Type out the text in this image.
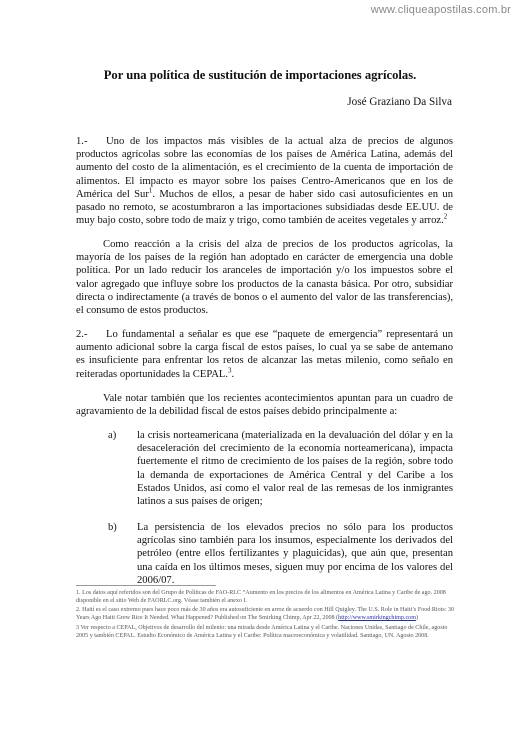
www.cliqueapostilas.com.br
Por una política de sustitución de importaciones agrícolas.
José Graziano Da Silva
1.- Uno de los impactos más visibles de la actual alza de precios de algunos productos agrícolas sobre las economías de los países de América Latina, además del aumento del costo de la alimentación, es el crecimiento de la cuenta de importación de alimentos. El impacto es mayor sobre los países Centro-Americanos que en los de América del Sur$^1$. Muchos de ellos, a pesar de haber sido casi autosuficientes en un pasado no remoto, se acostumbraron a las importaciones subsidiadas desde EE.UU. de muy bajo costo, sobre todo de maíz y trigo, como también de aceites vegetales y arroz.$^2$
Como reacción a la crisis del alza de precios de los productos agrícolas, la mayoría de los países de la región han adoptado en carácter de emergencia una doble política. Por un lado reducir los aranceles de importación y/o los impuestos sobre el valor agregado que influye sobre los productos de la canasta básica. Por otro, subsidiar directa o indirectamente (a través de bonos o el aumento del valor de las transferencias), el consumo de estos productos.
2.- Lo fundamental a señalar es que ese “paquete de emergencia” representará un aumento adicional sobre la carga fiscal de estos países, lo cual ya se sabe de antemano es insuficiente para enfrentar los retos de alcanzar las metas milenio, como señalo en reiteradas oportunidades la CEPAL.$^3$.
Vale notar también que los recientes acontecimientos apuntan para un cuadro de agravamiento de la debilidad fiscal de estos países debido principalmente a:
a) la crisis norteamericana (materializada en la devaluación del dólar y en la desaceleración del crecimiento de la economía norteamericana), impacta fuertemente el ritmo de crecimiento de los países de la región, sobre todo la demanda de exportaciones de América Central y del Caribe a los Estados Unidos, así como el valor real de las remesas de los inmigrantes latinos a sus países de origen;
b) La persistencia de los elevados precios no sólo para los productos agrícolas sino también para los insumos, especialmente los derivados del petróleo (entre ellos fertilizantes y plaguicidas), que aún que, presentan una caída en los últimos meses, siguen muy por encima de los valores del 2006/07.
1. Los datos aquí referidos son del Grupo de Políticas de FAO-RLC “Aumento en los precios de los alimentos en América Latina y Caribe de ago. 2008 disponible en el sitio Web de FAORLC.org. Véase también el anexo I.
2. Haití es el caso extremo pues hace poco más de 30 años era autosuficiente en arroz de acuerdo con Hill Quigley. The U.S. Role in Haiti’s Food Riots: 30 Years Ago Haiti Grew Rice It Needed. What Happened? Published on The Smirking Chimp, Apr 22, 2008 (http://www.smirkingchimp.com)
3 Ver respecto a CEPAL, Objetivos de desarrollo del milenio: una mirada desde América Latina y el Caribe. Naciones Unidas, Santiago de Chile, agosto 2005 y también CEPAL. Estudio Económico de América Latina y el Caribe: Política macroeconómica y volatilidad. Santiago, UN. Agosto 2008.
